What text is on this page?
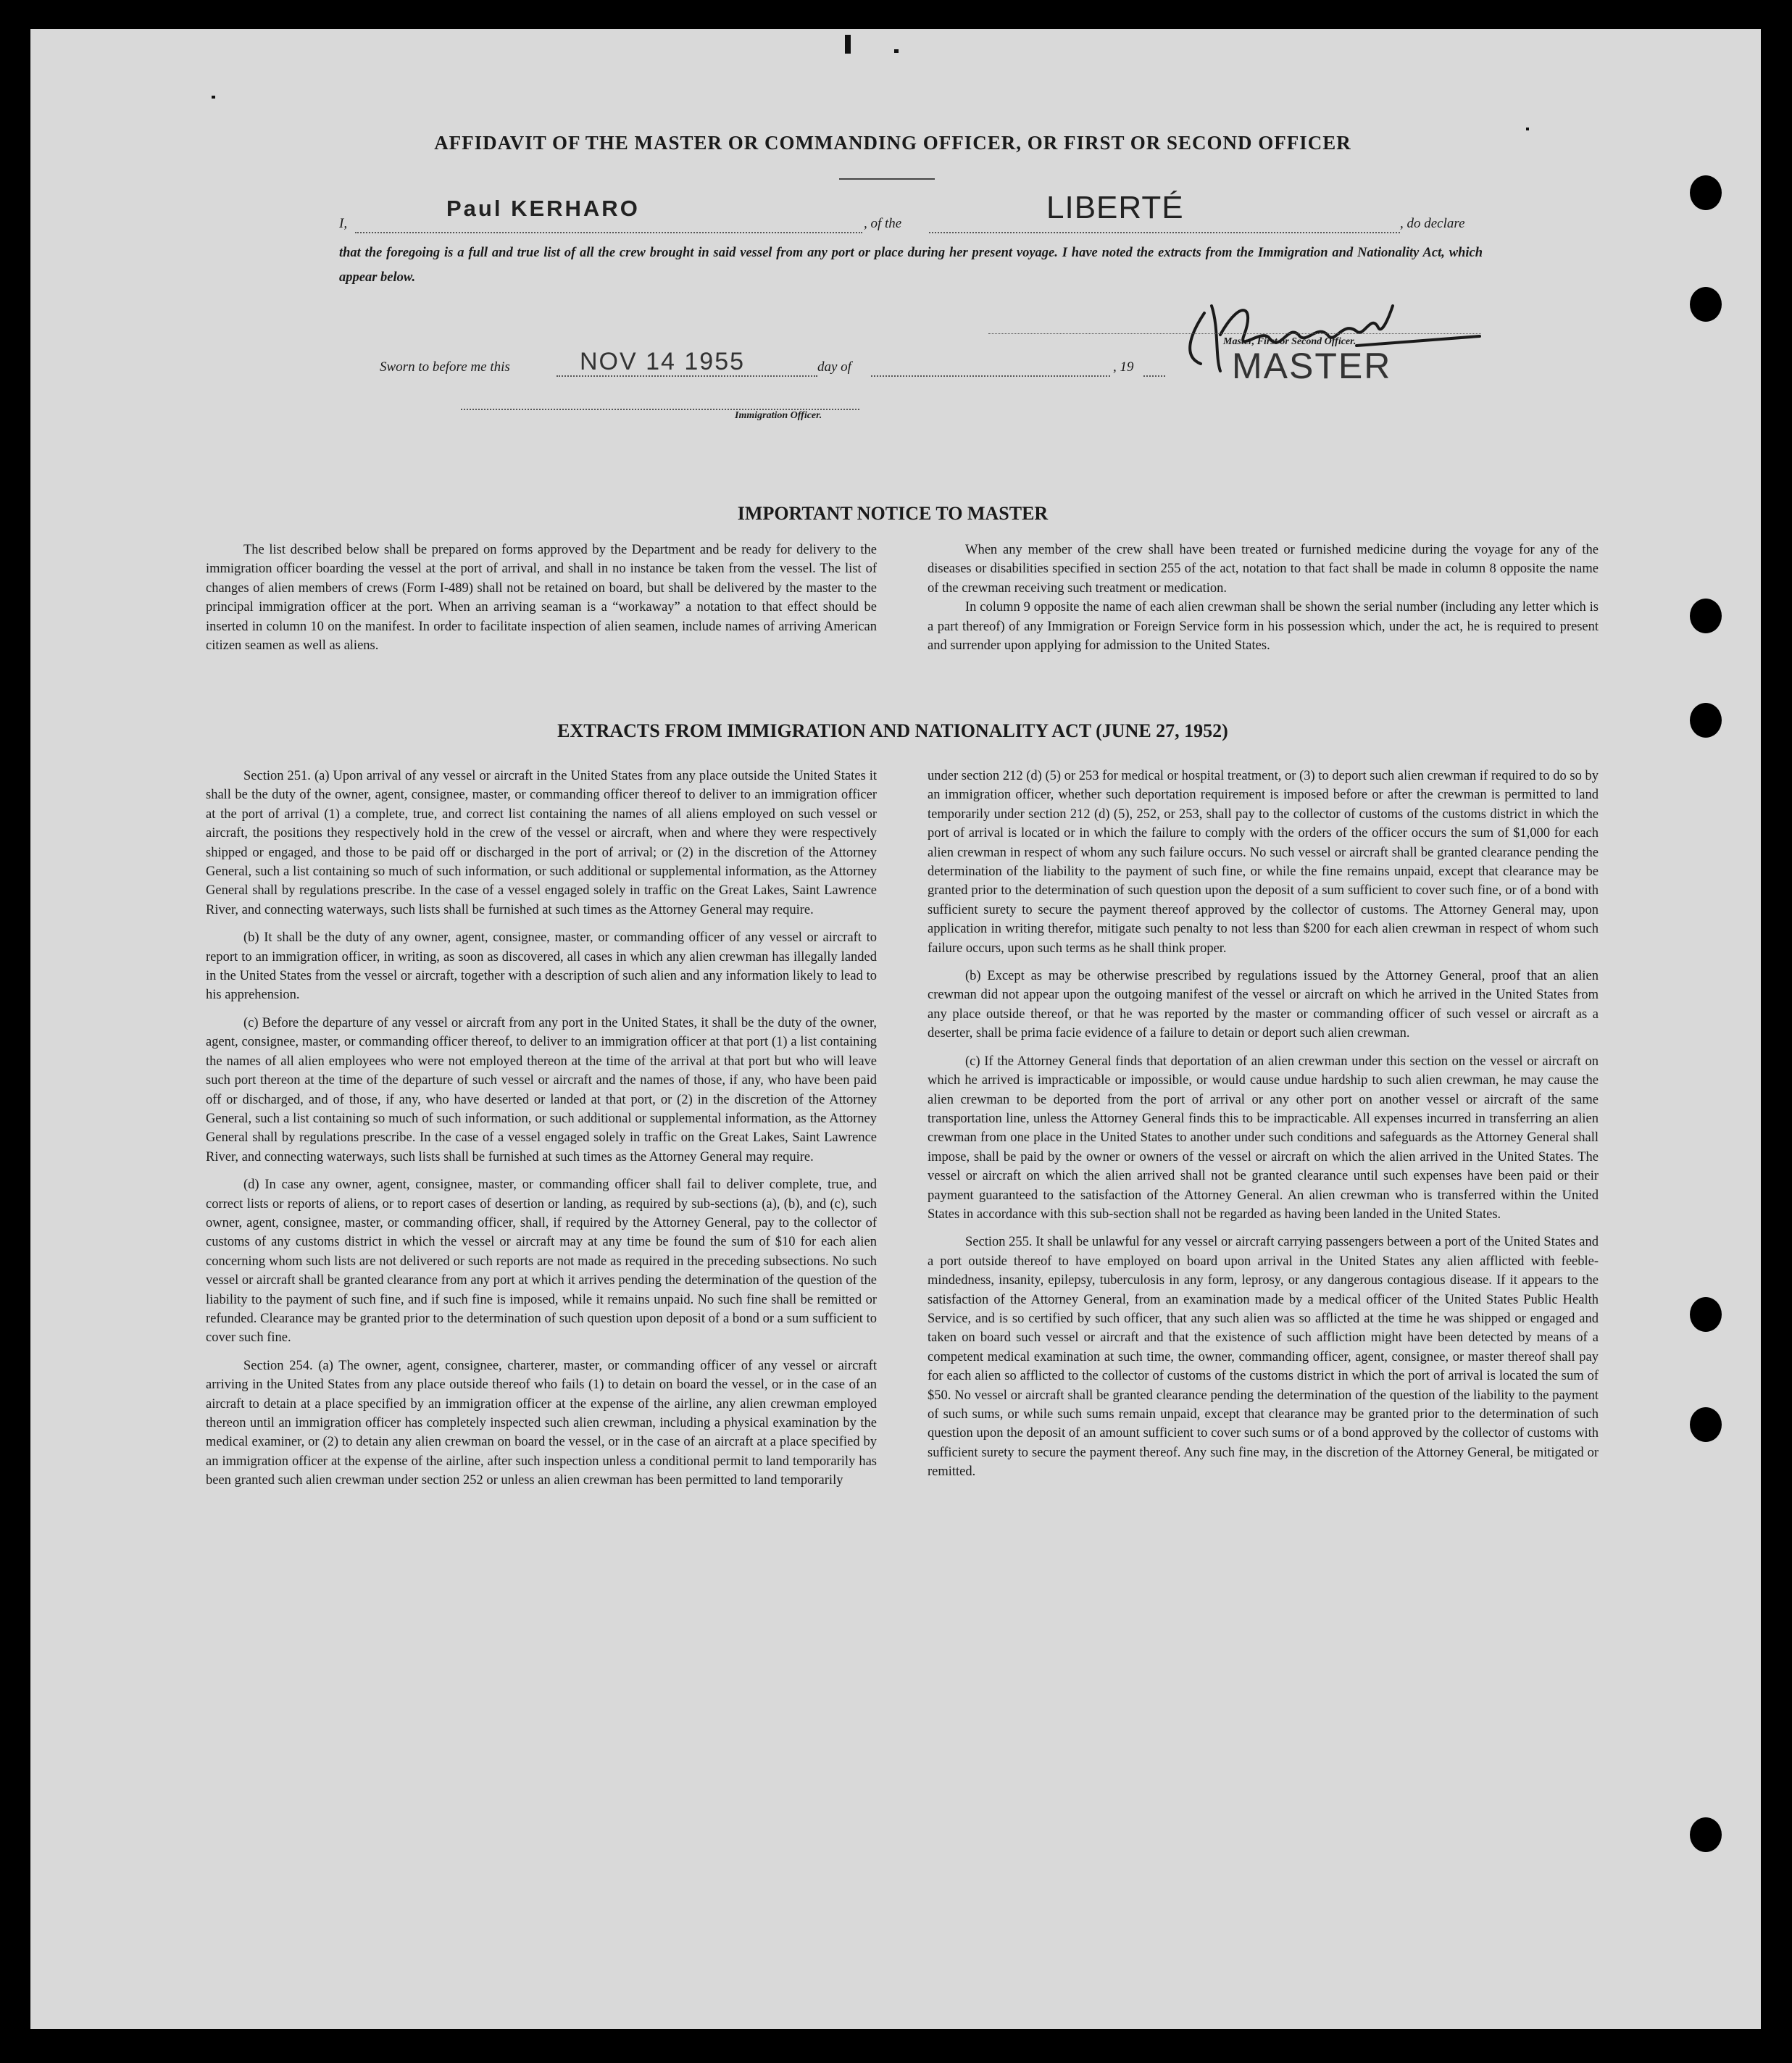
AFFIDAVIT OF THE MASTER OR COMMANDING OFFICER, OR FIRST OR SECOND OFFICER
I,
Paul KERHARO
, of the	LIBERTÉ	, do declare
that the foregoing is a full and true list of all the crew brought in said vessel from any port or place during her present voyage. I have noted the extracts from the Immigration and Nationality Act, which appear below.
Sworn to before me this	NOV 14 1955	day of	, 19
Master, First or Second Officer.
MASTER
Immigration Officer.
IMPORTANT NOTICE TO MASTER

The list described below shall be prepared on forms approved by the Department and be ready for delivery to the immigration officer boarding the vessel at the port of arrival, and shall in no instance be taken from the vessel. The list of changes of alien members of crews (Form I-489) shall not be retained on board, but shall be delivered by the master to the principal immigration officer at the port. When an arriving seaman is a “workaway” a notation to that effect should be inserted in column 10 on the manifest. In order to facilitate inspection of alien seamen, include names of arriving American citizen seamen as well as aliens.

When any member of the crew shall have been treated or furnished medicine during the voyage for any of the diseases or disabilities specified in section 255 of the act, notation to that fact shall be made in column 8 opposite the name of the crewman receiving such treatment or medication.

In column 9 opposite the name of each alien crewman shall be shown the serial number (including any letter which is a part thereof) of any Immigration or Foreign Service form in his possession which, under the act, he is required to present and surrender upon applying for admission to the United States.

EXTRACTS FROM IMMIGRATION AND NATIONALITY ACT (JUNE 27, 1952)

Section 251. (a) Upon arrival of any vessel or aircraft in the United States from any place outside the United States it shall be the duty of the owner, agent, consignee, master, or commanding officer thereof to deliver to an immigration officer at the port of arrival (1) a complete, true, and correct list containing the names of all aliens employed on such vessel or aircraft, the positions they respectively hold in the crew of the vessel or aircraft, when and where they were respectively shipped or engaged, and those to be paid off or discharged in the port of arrival; or (2) in the discretion of the Attorney General, such a list containing so much of such information, or such additional or supplemental information, as the Attorney General shall by regulations prescribe. In the case of a vessel engaged solely in traffic on the Great Lakes, Saint Lawrence River, and connecting waterways, such lists shall be furnished at such times as the Attorney General may require.

(b) It shall be the duty of any owner, agent, consignee, master, or commanding officer of any vessel or aircraft to report to an immigration officer, in writing, as soon as discovered, all cases in which any alien crewman has illegally landed in the United States from the vessel or aircraft, together with a description of such alien and any information likely to lead to his apprehension.

(c) Before the departure of any vessel or aircraft from any port in the United States, it shall be the duty of the owner, agent, consignee, master, or commanding officer thereof, to deliver to an immigration officer at that port (1) a list containing the names of all alien employees who were not employed thereon at the time of the arrival at that port but who will leave such port thereon at the time of the departure of such vessel or aircraft and the names of those, if any, who have been paid off or discharged, and of those, if any, who have deserted or landed at that port, or (2) in the discretion of the Attorney General, such a list containing so much of such information, or such additional or supplemental information, as the Attorney General shall by regulations prescribe. In the case of a vessel engaged solely in traffic on the Great Lakes, Saint Lawrence River, and connecting waterways, such lists shall be furnished at such times as the Attorney General may require.

(d) In case any owner, agent, consignee, master, or commanding officer shall fail to deliver complete, true, and correct lists or reports of aliens, or to report cases of desertion or landing, as required by sub-sections (a), (b), and (c), such owner, agent, consignee, master, or commanding officer, shall, if required by the Attorney General, pay to the collector of customs of any customs district in which the vessel or aircraft may at any time be found the sum of $10 for each alien concerning whom such lists are not delivered or such reports are not made as required in the preceding subsections. No such vessel or aircraft shall be granted clearance from any port at which it arrives pending the determination of the question of the liability to the payment of such fine, and if such fine is imposed, while it remains unpaid. No such fine shall be remitted or refunded. Clearance may be granted prior to the determination of such question upon deposit of a bond or a sum sufficient to cover such fine.

Section 254. (a) The owner, agent, consignee, charterer, master, or commanding officer of any vessel or aircraft arriving in the United States from any place outside thereof who fails (1) to detain on board the vessel, or in the case of an aircraft to detain at a place specified by an immigration officer at the expense of the airline, any alien crewman employed thereon until an immigration officer has completely inspected such alien crewman, including a physical examination by the medical examiner, or (2) to detain any alien crewman on board the vessel, or in the case of an aircraft at a place specified by an immigration officer at the expense of the airline, after such inspection unless a conditional permit to land temporarily has been granted such alien crewman under section 252 or unless an alien crewman has been permitted to land temporarily

under section 212 (d) (5) or 253 for medical or hospital treatment, or (3) to deport such alien crewman if required to do so by an immigration officer, whether such deportation requirement is imposed before or after the crewman is permitted to land temporarily under section 212 (d) (5), 252, or 253, shall pay to the collector of customs of the customs district in which the port of arrival is located or in which the failure to comply with the orders of the officer occurs the sum of $1,000 for each alien crewman in respect of whom any such failure occurs. No such vessel or aircraft shall be granted clearance pending the determination of the liability to the payment of such fine, or while the fine remains unpaid, except that clearance may be granted prior to the determination of such question upon the deposit of a sum sufficient to cover such fine, or of a bond with sufficient surety to secure the payment thereof approved by the collector of customs. The Attorney General may, upon application in writing therefor, mitigate such penalty to not less than $200 for each alien crewman in respect of whom such failure occurs, upon such terms as he shall think proper.

(b) Except as may be otherwise prescribed by regulations issued by the Attorney General, proof that an alien crewman did not appear upon the outgoing manifest of the vessel or aircraft on which he arrived in the United States from any place outside thereof, or that he was reported by the master or commanding officer of such vessel or aircraft as a deserter, shall be prima facie evidence of a failure to detain or deport such alien crewman.

(c) If the Attorney General finds that deportation of an alien crewman under this section on the vessel or aircraft on which he arrived is impracticable or impossible, or would cause undue hardship to such alien crewman, he may cause the alien crewman to be deported from the port of arrival or any other port on another vessel or aircraft of the same transportation line, unless the Attorney General finds this to be impracticable. All expenses incurred in transferring an alien crewman from one place in the United States to another under such conditions and safeguards as the Attorney General shall impose, shall be paid by the owner or owners of the vessel or aircraft on which the alien arrived in the United States. The vessel or aircraft on which the alien arrived shall not be granted clearance until such expenses have been paid or their payment guaranteed to the satisfaction of the Attorney General. An alien crewman who is transferred within the United States in accordance with this sub-section shall not be regarded as having been landed in the United States.

Section 255. It shall be unlawful for any vessel or aircraft carrying passengers between a port of the United States and a port outside thereof to have employed on board upon arrival in the United States any alien afflicted with feeble-mindedness, insanity, epilepsy, tuberculosis in any form, leprosy, or any dangerous contagious disease. If it appears to the satisfaction of the Attorney General, from an examination made by a medical officer of the United States Public Health Service, and is so certified by such officer, that any such alien was so afflicted at the time he was shipped or engaged and taken on board such vessel or aircraft and that the existence of such affliction might have been detected by means of a competent medical examination at such time, the owner, commanding officer, agent, consignee, or master thereof shall pay for each alien so afflicted to the collector of customs of the customs district in which the port of arrival is located the sum of $50. No vessel or aircraft shall be granted clearance pending the determination of the question of the liability to the payment of such sums, or while such sums remain unpaid, except that clearance may be granted prior to the determination of such question upon the deposit of an amount sufficient to cover such sums or of a bond approved by the collector of customs with sufficient surety to secure the payment thereof. Any such fine may, in the discretion of the Attorney General, be mitigated or remitted.
